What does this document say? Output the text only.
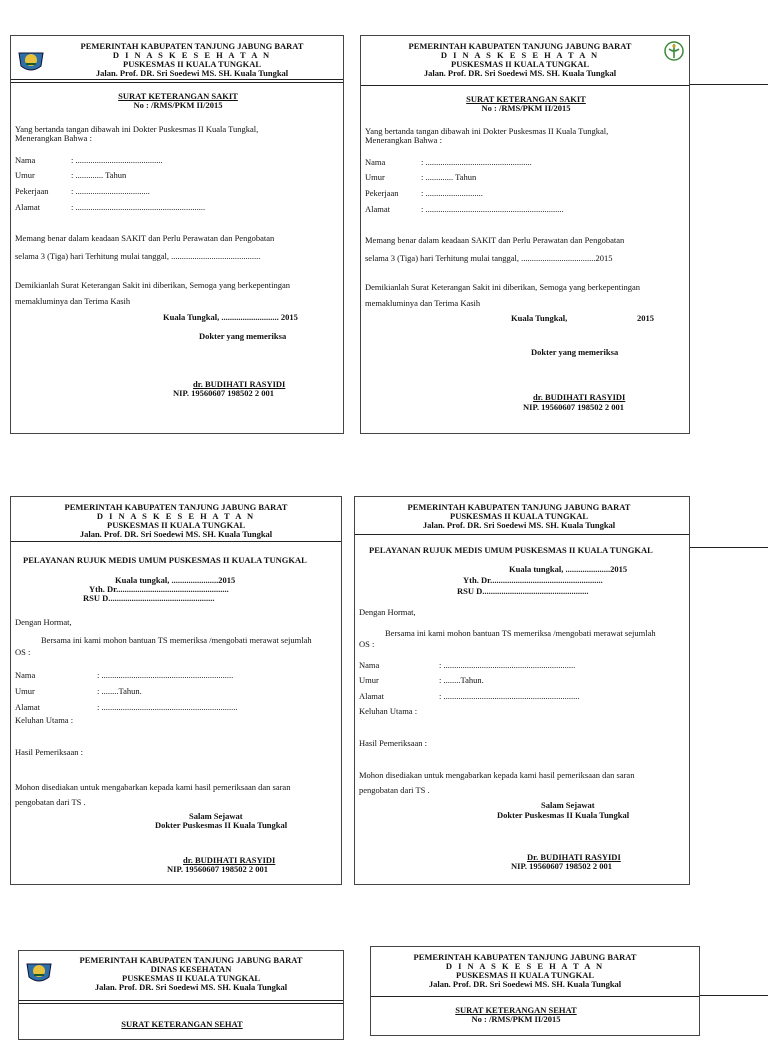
PEMERINTAH KABUPATEN TANJUNG JABUNG BARAT
D I N A S K E S E H A T A N
PUSKESMAS II KUALA TUNGKAL
Jalan. Prof. DR. Sri Soedewi MS. SH. Kuala Tungkal
SURAT KETERANGAN SAKIT
No : /RMS/PKM II/2015
Yang bertanda tangan dibawah ini Dokter Puskesmas II Kuala Tungkal,
Menerangkan Bahwa :
Nama	: .........................................
Umur	: ............. Tahun
Pekerjaan	: ...................................
Alamat	: .............................................................
Memang benar dalam keadaan SAKIT dan Perlu Perawatan dan Pengobatan
selama 3 (Tiga) hari Terhitung mulai tanggal, ..........................................
Demikianlah Surat Keterangan Sakit ini diberikan, Semoga yang berkepentingan
memakluminya dan Terima Kasih
Kuala Tungkal, ........................... 2015
Dokter yang memeriksa
dr. BUDIHATI RASYIDI
NIP. 19560607 198502 2 001
PEMERINTAH KABUPATEN TANJUNG JABUNG BARAT
D I N A S K E S E H A T A N
PUSKESMAS II KUALA TUNGKAL
Jalan. Prof. DR. Sri Soedewi MS. SH. Kuala Tungkal
SURAT KETERANGAN SAKIT
No : /RMS/PKM II/2015
Yang bertanda tangan dibawah ini Dokter Puskesmas II Kuala Tungkal,
Menerangkan Bahwa :
Nama	: ..................................................
Umur	: ............. Tahun
Pekerjaan	: ...........................
Alamat	: .................................................................
Memang benar dalam keadaan SAKIT dan Perlu Perawatan dan Pengobatan
selama 3 (Tiga) hari Terhitung mulai tanggal, ...................................2015
Demikianlah Surat Keterangan Sakit ini diberikan, Semoga yang berkepentingan
memakluminya dan Terima Kasih
Kuala Tungkal,	2015
Dokter yang memeriksa
dr. BUDIHATI RASYIDI
NIP. 19560607 198502 2 001
PEMERINTAH KABUPATEN TANJUNG JABUNG BARAT
D I N A S K E S E H A T A N
PUSKESMAS II KUALA TUNGKAL
Jalan. Prof. DR. Sri Soedewi MS. SH. Kuala Tungkal
PELAYANAN RUJUK MEDIS UMUM PUSKESMAS II KUALA TUNGKAL
Kuala tungkal, ......................2015
Yth. Dr.....................................................
RSU D..................................................
Dengan Hormat,
Bersama ini kami mohon bantuan TS memeriksa /mengobati merawat sejumlah
OS :
Nama	: ..............................................................
Umur	: ........Tahun.
Alamat	: ................................................................
Keluhan Utama :
Hasil Pemeriksaan :
Mohon disediakan untuk mengabarkan kepada kami hasil pemeriksaan dan saran
pengobatan dari TS .
Salam Sejawat
Dokter Puskesmas II Kuala Tungkal
dr. BUDIHATI RASYIDI
NIP. 19560607 198502 2 001
PEMERINTAH KABUPATEN TANJUNG JABUNG BARAT
PUSKESMAS II KUALA TUNGKAL
Jalan. Prof. DR. Sri Soedewi MS. SH. Kuala Tungkal
PELAYANAN RUJUK MEDIS UMUM PUSKESMAS II KUALA TUNGKAL
Kuala tungkal, .....................2015
Yth. Dr.....................................................
RSU D..................................................
Dengan Hormat,
Bersama ini kami mohon bantuan TS memeriksa /mengobati merawat sejumlah
OS :
Nama	: ..............................................................
Umur	: ........Tahun.
Alamat	: ................................................................
Keluhan Utama :
Hasil Pemeriksaan :
Mohon disediakan untuk mengabarkan kepada kami hasil pemeriksaan dan saran
pengobatan dari TS .
Salam Sejawat
Dokter Puskesmas II Kuala Tungkal
Dr. BUDIHATI RASYIDI
NIP. 19560607 198502 2 001
PEMERINTAH KABUPATEN TANJUNG JABUNG BARAT
DINAS KESEHATAN
PUSKESMAS II KUALA TUNGKAL
Jalan. Prof. DR. Sri Soedewi MS. SH. Kuala Tungkal
SURAT KETERANGAN SEHAT
PEMERINTAH KABUPATEN TANJUNG JABUNG BARAT
D I N A S K E S E H A T A N
PUSKESMAS II KUALA TUNGKAL
Jalan. Prof. DR. Sri Soedewi MS. SH. Kuala Tungkal
SURAT KETERANGAN SEHAT
No : /RMS/PKM II/2015
